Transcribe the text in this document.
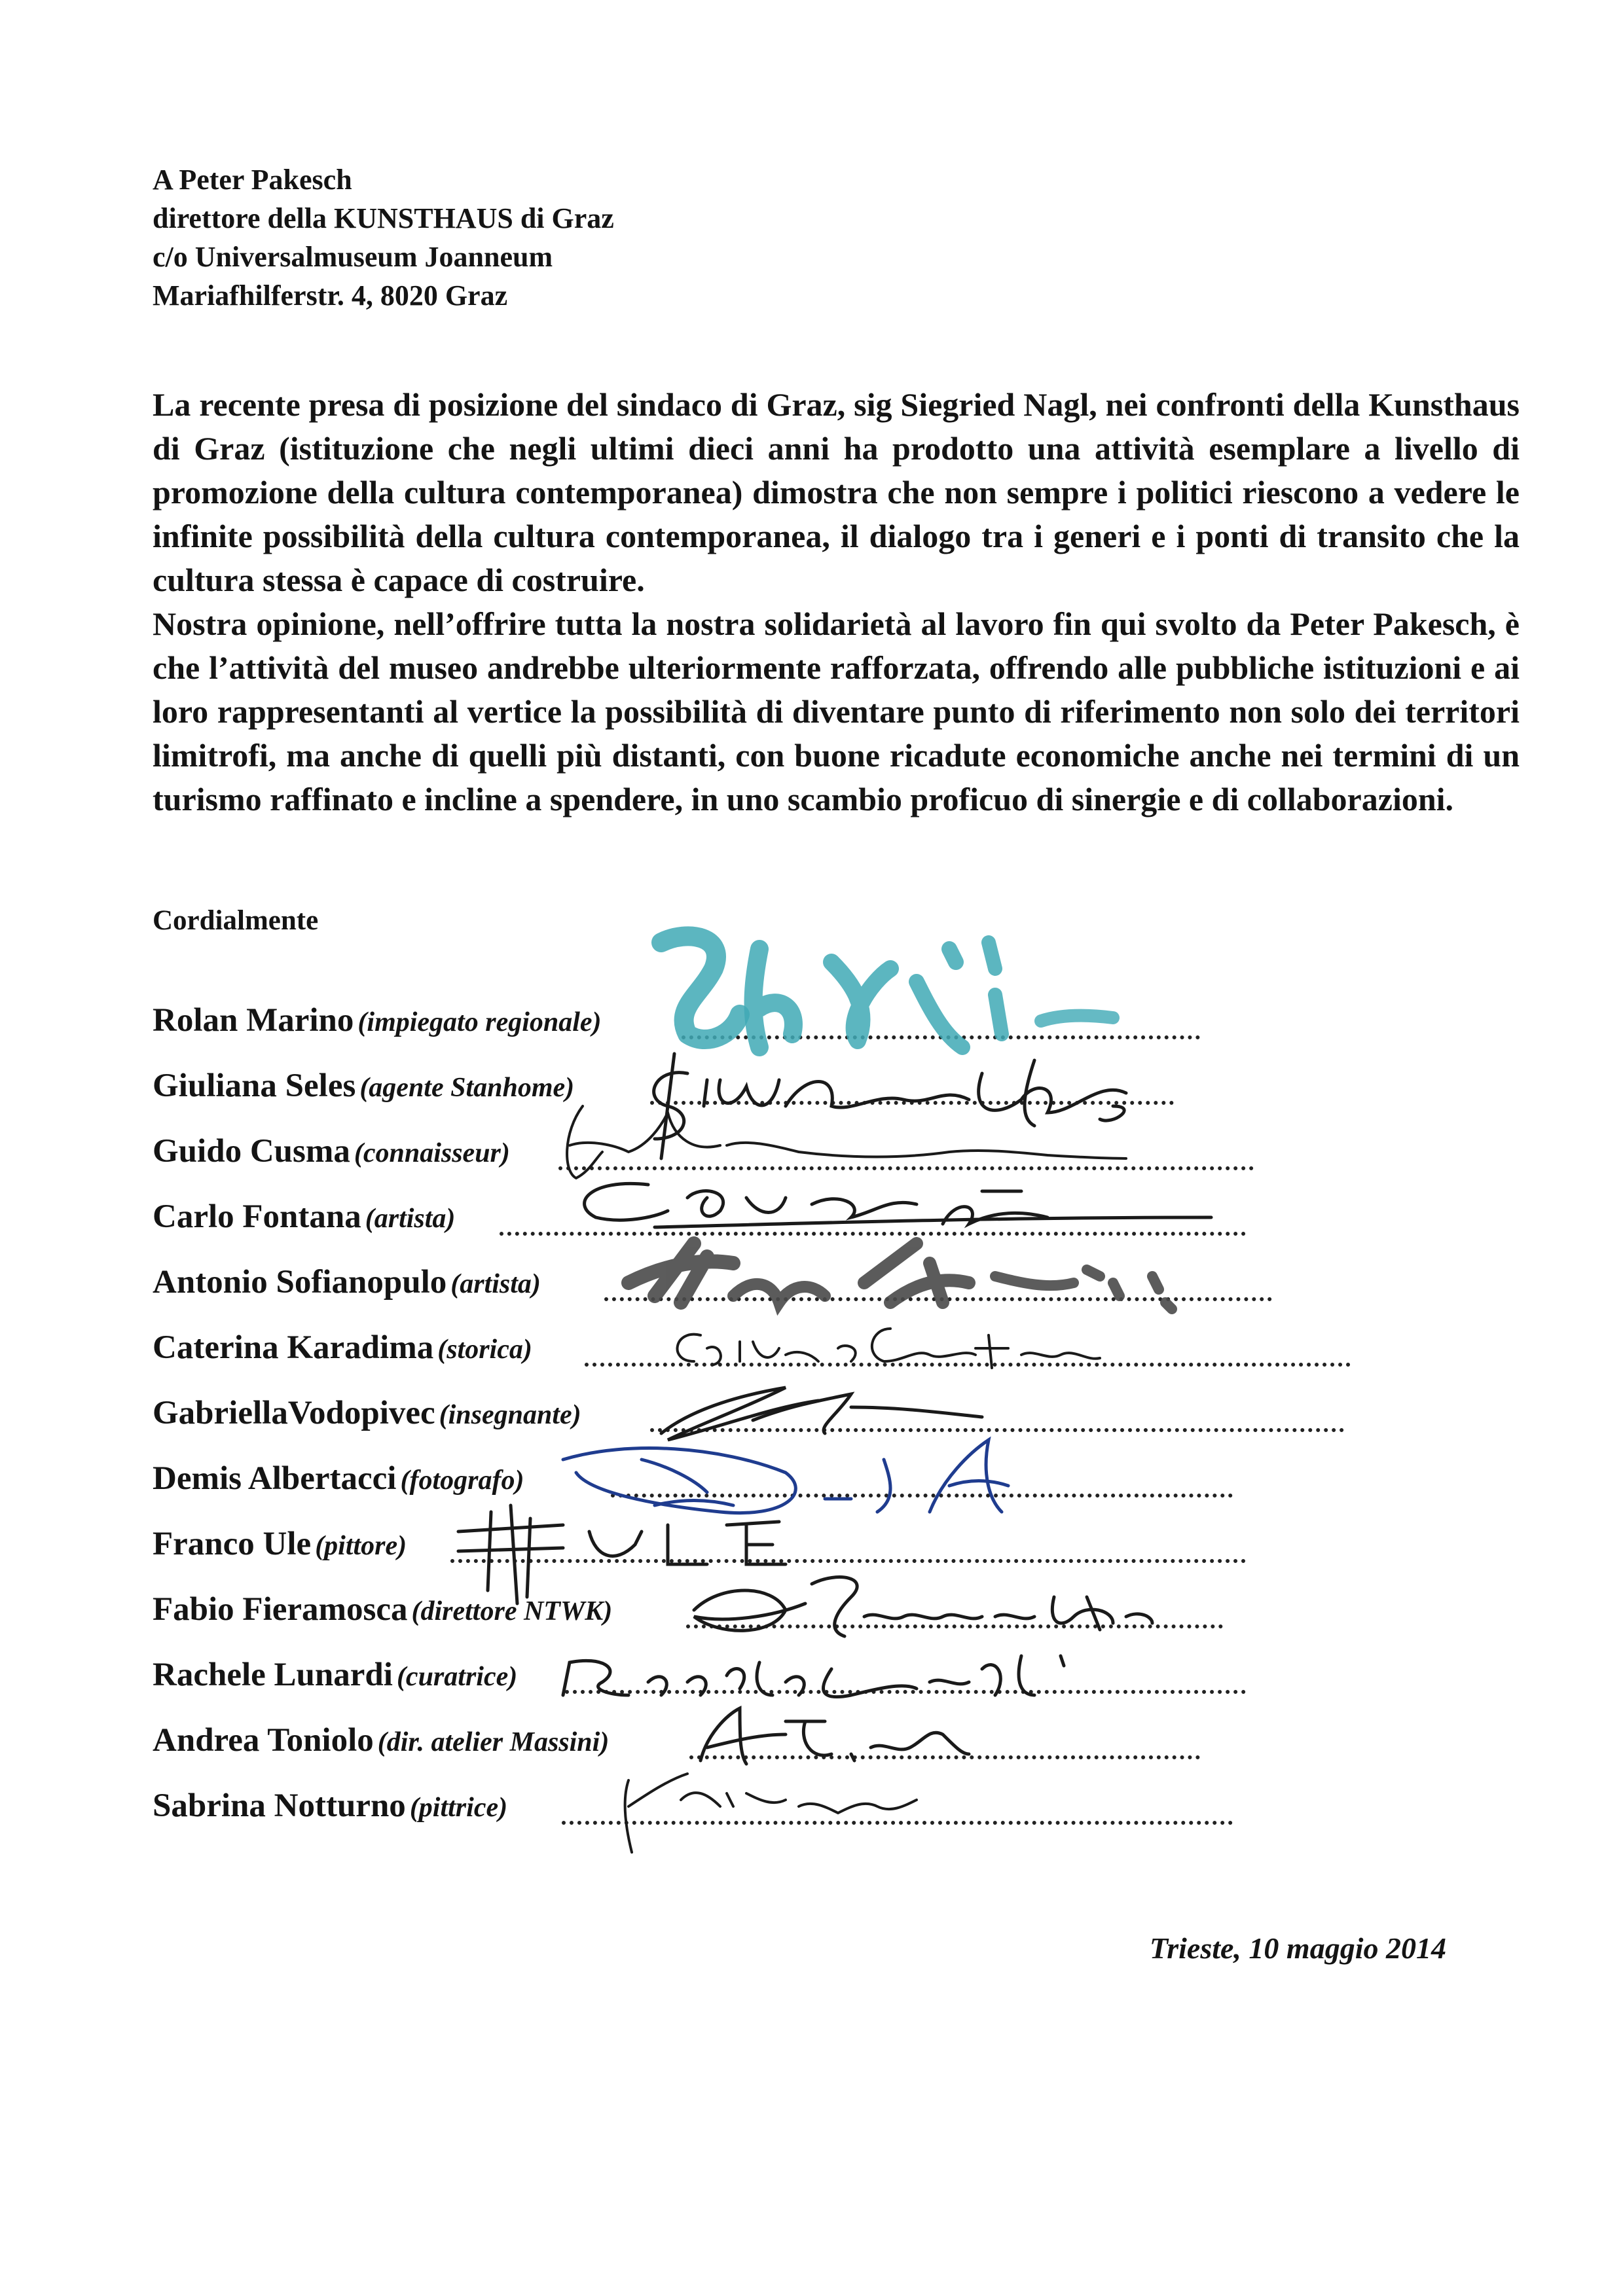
A Peter Pakesch
direttore della KUNSTHAUS di Graz
c/o Universalmuseum Joanneum
Mariafhilferstr. 4, 8020 Graz

La recente presa di posizione del sindaco di Graz, sig Siegried Nagl, nei confronti della Kunsthaus di Graz (istituzione che negli ultimi dieci anni ha prodotto una attività esemplare a livello di promozione della cultura contemporanea) dimostra che non sempre i politici riescono a vedere le infinite possibilità della cultura contemporanea, il dialogo tra i generi e i ponti di transito che la cultura stessa è capace di costruire.

Nostra opinione, nell’offrire tutta la nostra solidarietà al lavoro fin qui svolto da Peter Pakesch, è che l’attività del museo andrebbe ulteriormente rafforzata, offrendo alle pubbliche istituzioni e ai loro rappresentanti al vertice la possibilità di diventare punto di riferimento non solo dei territori limitrofi, ma anche di quelli più distanti, con buone ricadute economiche anche nei termini di un turismo raffinato e incline a spendere, in uno scambio proficuo di sinergie e di collaborazioni.

Cordialmente
Rolan Marino (impiegato regionale)
Giuliana Seles (agente Stanhome)
Guido Cusma (connaisseur)
Carlo Fontana (artista)
Antonio Sofianopulo (artista)
Caterina Karadima (storica)
GabriellaVodopivec (insegnante)
Demis Albertacci (fotografo)
Franco Ule (pittore)
Fabio Fieramosca (direttore NTWK)
Rachele Lunardi (curatrice)
Andrea Toniolo (dir. atelier Massini)
Sabrina Notturno (pittrice)
Trieste, 10 maggio 2014
